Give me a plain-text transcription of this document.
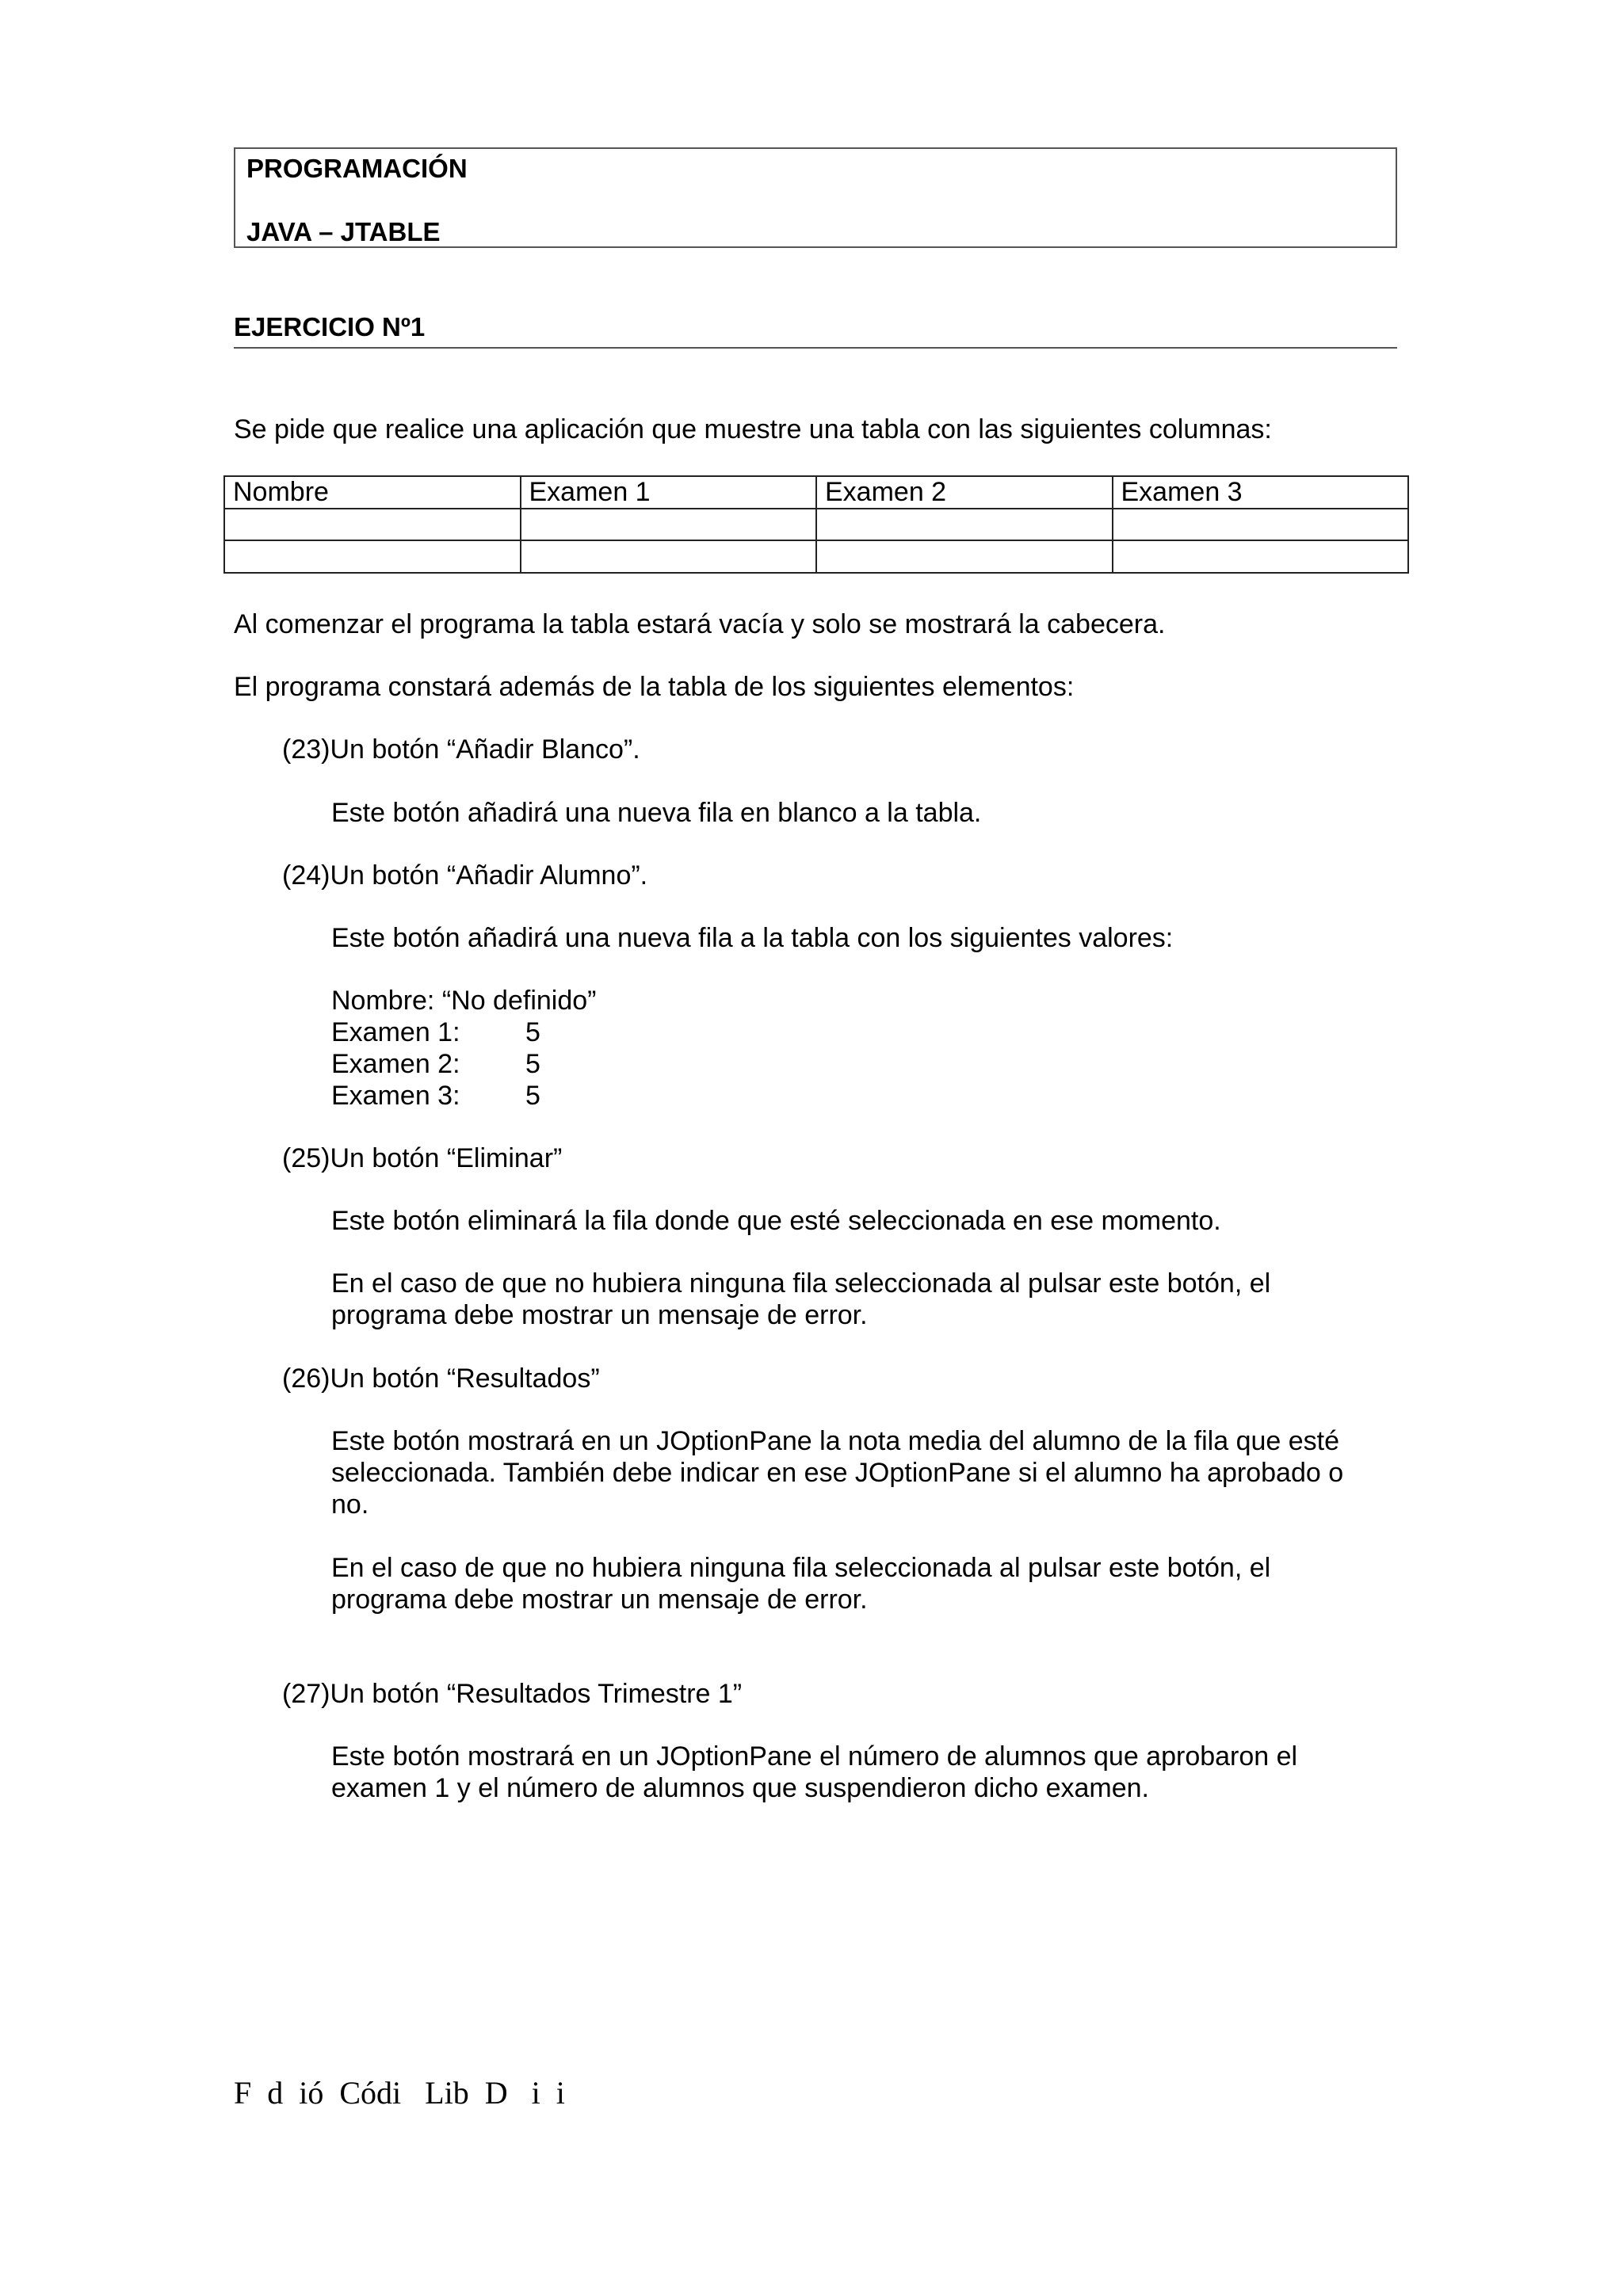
PROGRAMACIÓN
JAVA – JTABLE
EJERCICIO Nº1
Se pide que realice una aplicación que muestre una tabla con las siguientes columnas:
Nombre	Examen 1	Examen 2	Examen 3

Al comenzar el programa la tabla estará vacía y solo se mostrará la cabecera.
El programa constará además de la tabla de los siguientes elementos:
(23)Un botón “Añadir Blanco”.
Este botón añadirá una nueva fila en blanco a la tabla.
(24)Un botón “Añadir Alumno”.
Este botón añadirá una nueva fila a la tabla con los siguientes valores:
Nombre: “No definido”
Examen 1: 5
Examen 2: 5
Examen 3: 5
(25)Un botón “Eliminar”
Este botón eliminará la fila donde que esté seleccionada en ese momento.
En el caso de que no hubiera ninguna fila seleccionada al pulsar este botón, el
programa debe mostrar un mensaje de error.
(26)Un botón “Resultados”
Este botón mostrará en un JOptionPane la nota media del alumno de la fila que esté
seleccionada. También debe indicar en ese JOptionPane si el alumno ha aprobado o
no.
En el caso de que no hubiera ninguna fila seleccionada al pulsar este botón, el
programa debe mostrar un mensaje de error.
(27)Un botón “Resultados Trimestre 1”
Este botón mostrará en un JOptionPane el número de alumnos que aprobaron el
examen 1 y el número de alumnos que suspendieron dicho examen.
F  d  ió  Códi   Lib  D   i  i
